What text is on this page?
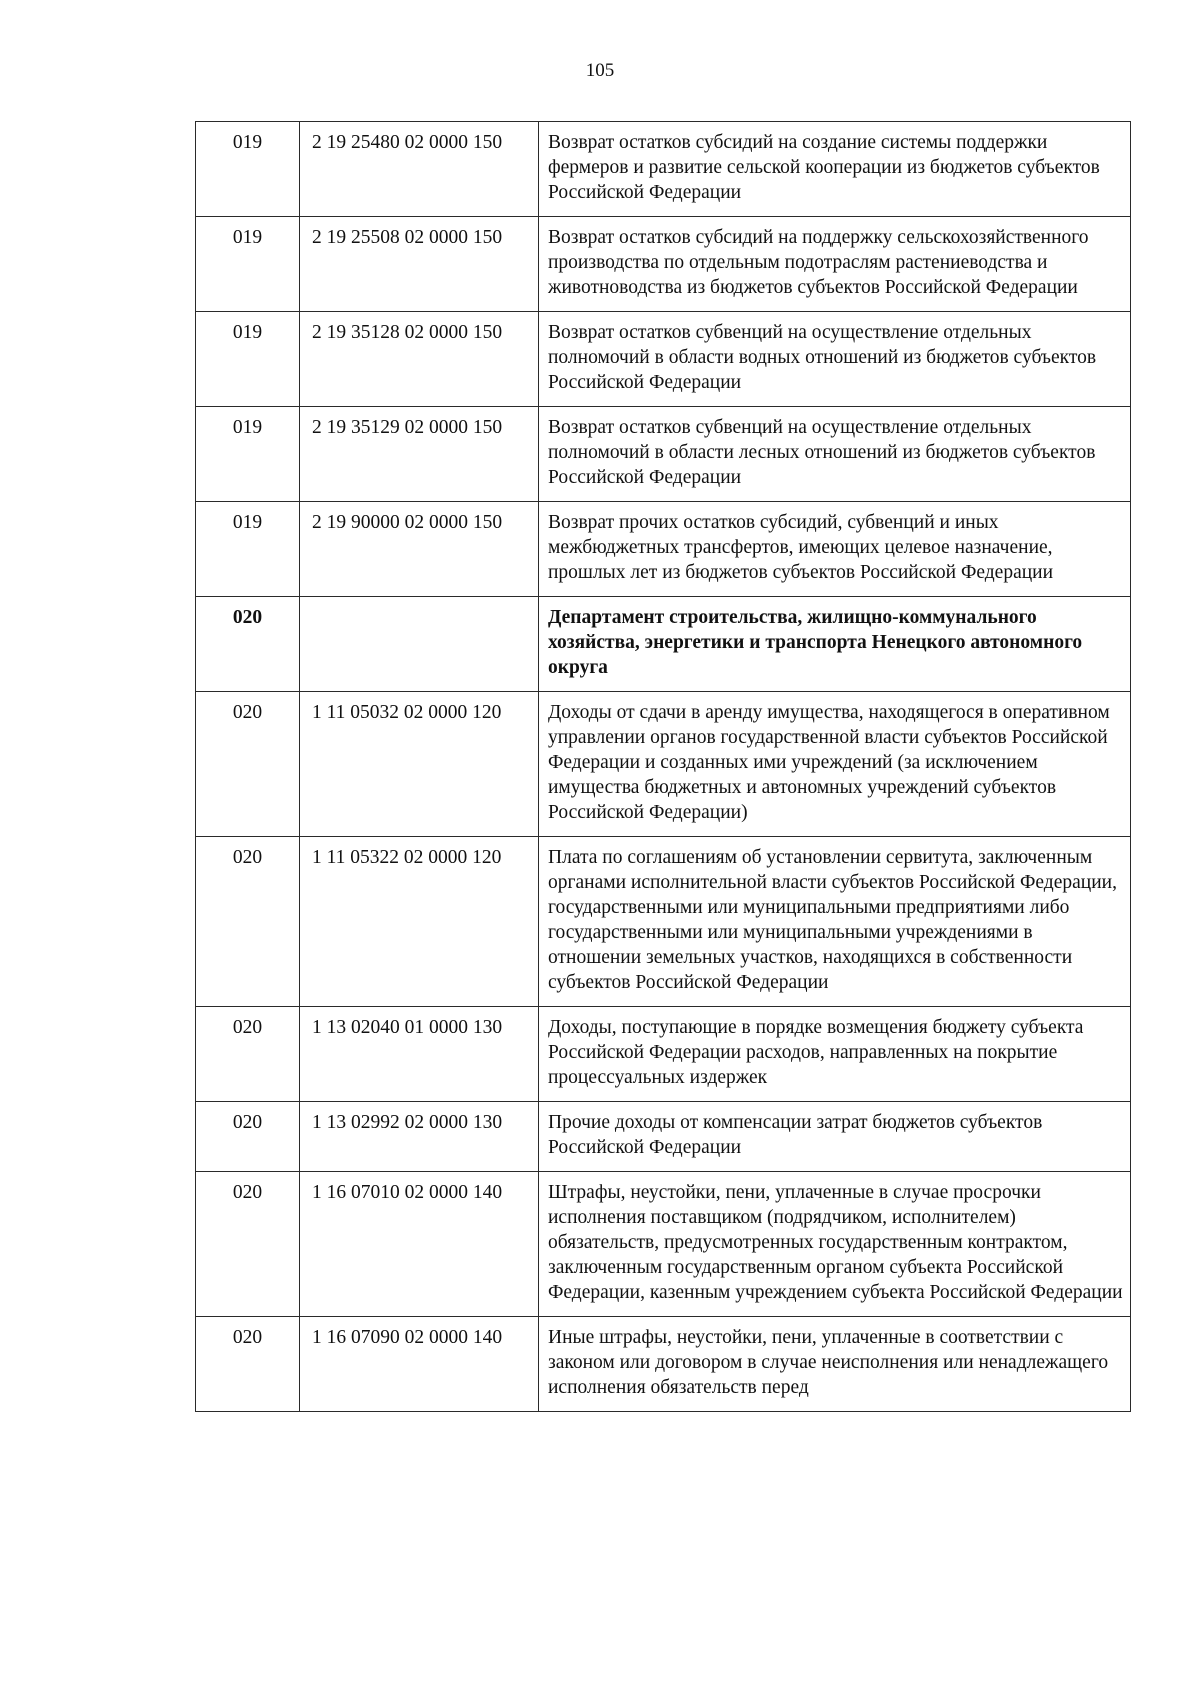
105
019	2 19 25480 02 0000 150	Возврат остатков субсидий на создание системы поддержки фермеров и развитие сельской кооперации из бюджетов субъектов Российской Федерации
019	2 19 25508 02 0000 150	Возврат остатков субсидий на поддержку сельскохозяйственного производства по отдельным подотраслям растениеводства и животноводства из бюджетов субъектов Российской Федерации
019	2 19 35128 02 0000 150	Возврат остатков субвенций на осуществление отдельных полномочий в области водных отношений из бюджетов субъектов Российской Федерации
019	2 19 35129 02 0000 150	Возврат остатков субвенций на осуществление отдельных полномочий в области лесных отношений из бюджетов субъектов Российской Федерации
019	2 19 90000 02 0000 150	Возврат прочих остатков субсидий, субвенций и иных межбюджетных трансфертов, имеющих целевое назначение, прошлых лет из бюджетов субъектов Российской Федерации
020		Департамент строительства, жилищно-коммунального хозяйства, энергетики и транспорта Ненецкого автономного округа
020	1 11 05032 02 0000 120	Доходы от сдачи в аренду имущества, находящегося в оперативном управлении органов государственной власти субъектов Российской Федерации и созданных ими учреждений (за исключением имущества бюджетных и автономных учреждений субъектов Российской Федерации)
020	1 11 05322 02 0000 120	Плата по соглашениям об установлении сервитута, заключенным органами исполнительной власти субъектов Российской Федерации, государственными или муниципальными предприятиями либо государственными или муниципальными учреждениями в отношении земельных участков, находящихся в собственности субъектов Российской Федерации
020	1 13 02040 01 0000 130	Доходы, поступающие в порядке возмещения бюджету субъекта Российской Федерации расходов, направленных на покрытие процессуальных издержек
020	1 13 02992 02 0000 130	Прочие доходы от компенсации затрат бюджетов субъектов Российской Федерации
020	1 16 07010 02 0000 140	Штрафы, неустойки, пени, уплаченные в случае просрочки исполнения поставщиком (подрядчиком, исполнителем) обязательств, предусмотренных государственным контрактом, заключенным государственным органом субъекта Российской Федерации, казенным учреждением субъекта Российской Федерации
020	1 16 07090 02 0000 140	Иные штрафы, неустойки, пени, уплаченные в соответствии с законом или договором в случае неисполнения или ненадлежащего исполнения обязательств перед
